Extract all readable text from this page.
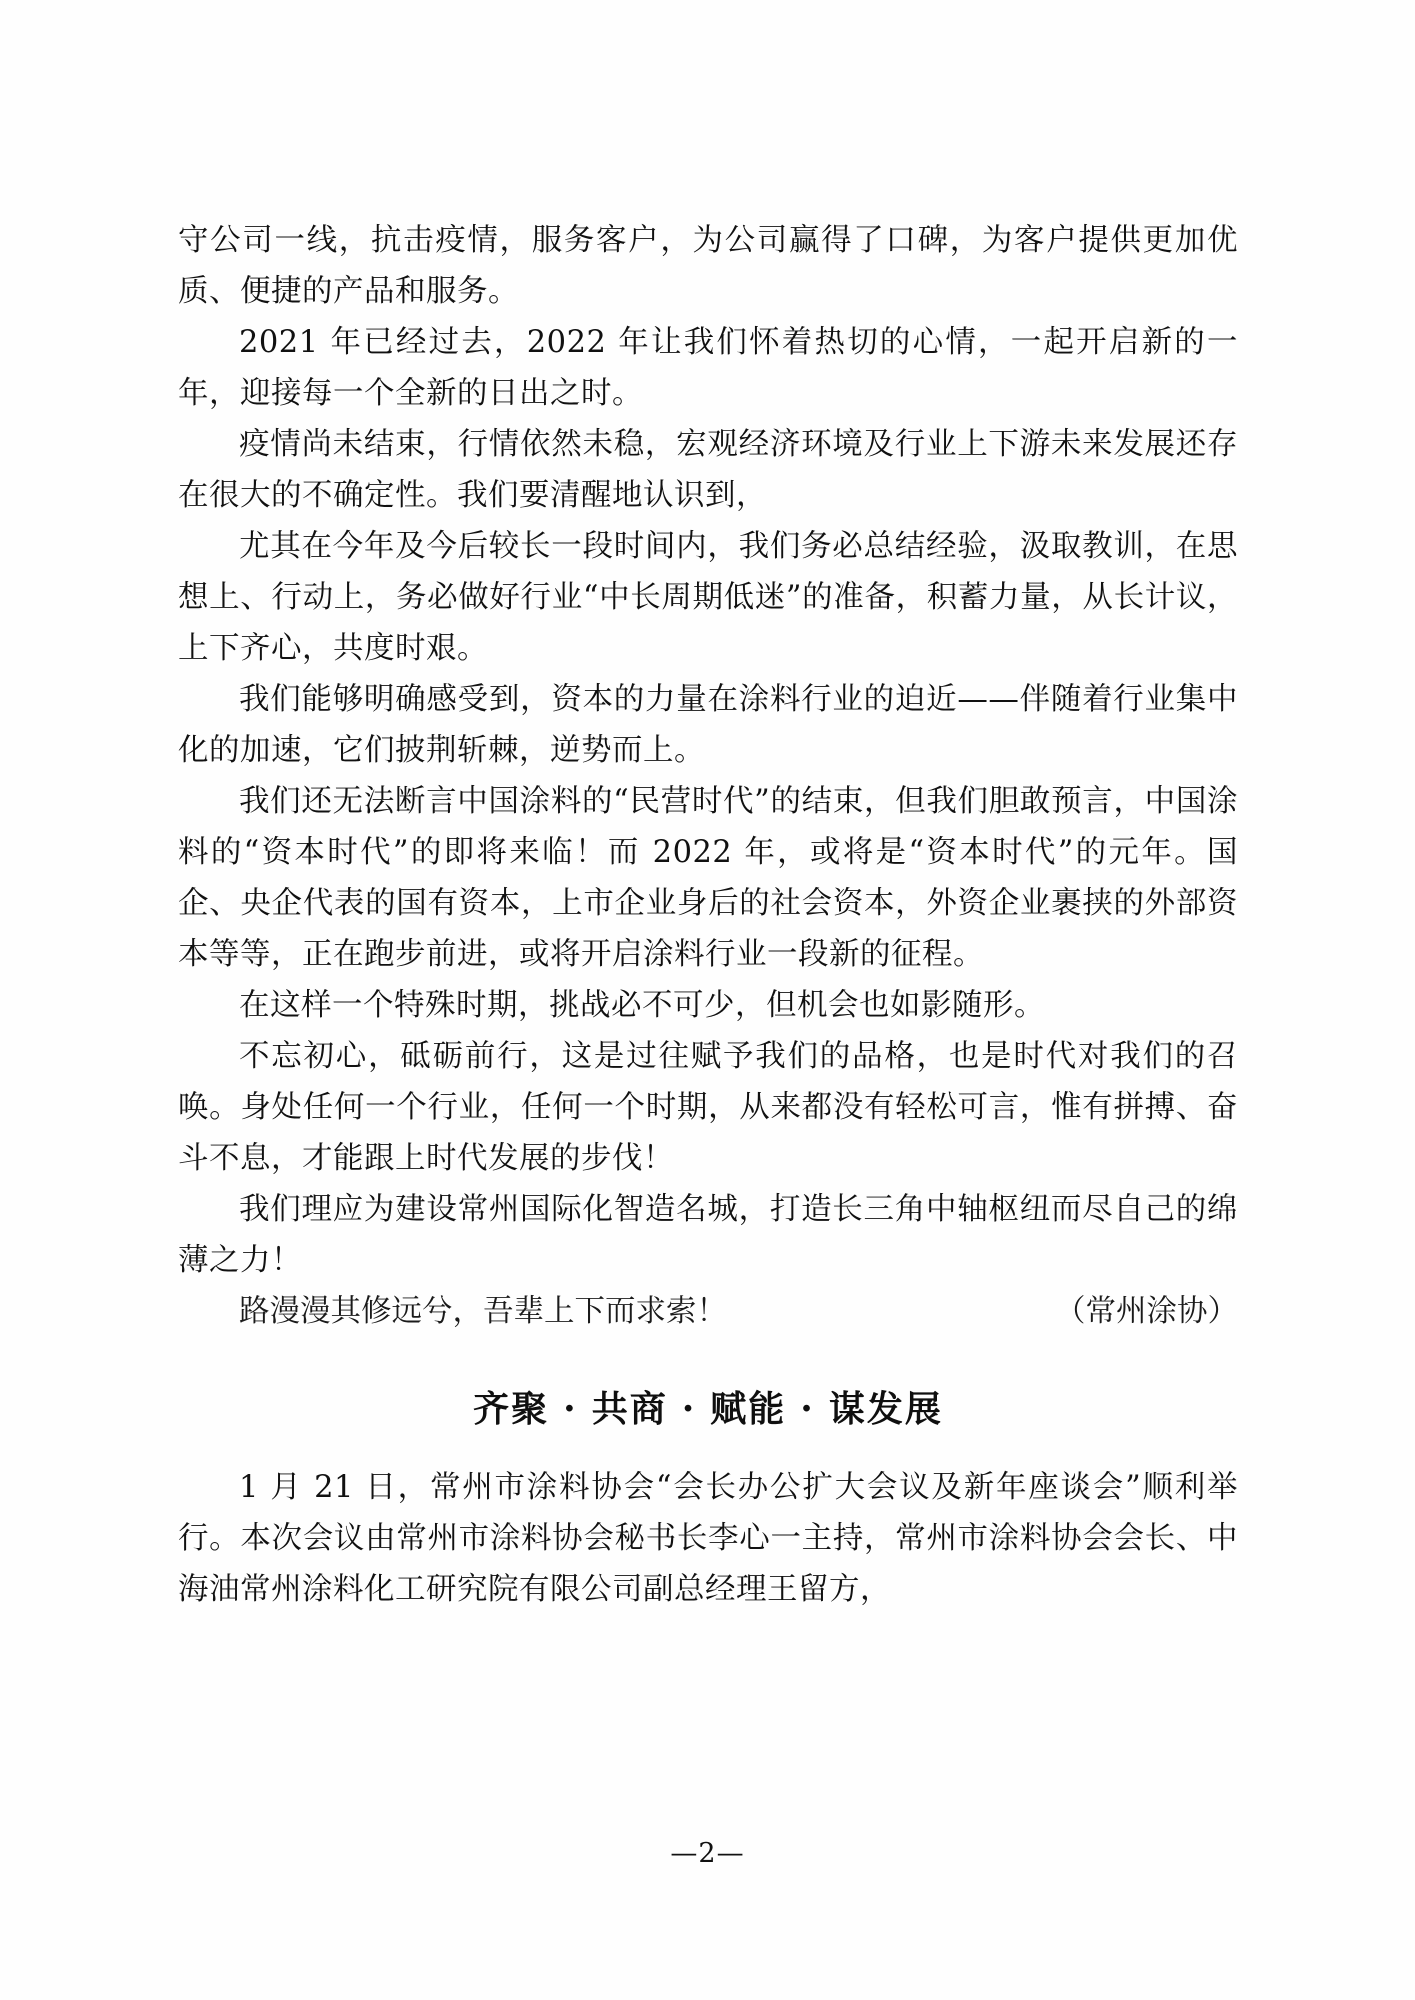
守公司一线，抗击疫情，服务客户，为公司赢得了口碑，为客户提供更加优质、便捷的产品和服务。

2021 年已经过去，2022 年让我们怀着热切的心情，一起开启新的一年，迎接每一个全新的日出之时。

疫情尚未结束，行情依然未稳，宏观经济环境及行业上下游未来发展还存在很大的不确定性。我们要清醒地认识到，

尤其在今年及今后较长一段时间内，我们务必总结经验，汲取教训，在思想上、行动上，务必做好行业“中长周期低迷”的准备，积蓄力量，从长计议，上下齐心，共度时艰。

我们能够明确感受到，资本的力量在涂料行业的迫近——伴随着行业集中化的加速，它们披荆斩棘，逆势而上。

我们还无法断言中国涂料的“民营时代”的结束，但我们胆敢预言，中国涂料的“资本时代”的即将来临！而 2022 年，或将是“资本时代”的元年。国企、央企代表的国有资本，上市企业身后的社会资本，外资企业裹挟的外部资本等等，正在跑步前进，或将开启涂料行业一段新的征程。

在这样一个特殊时期，挑战必不可少，但机会也如影随形。

不忘初心，砥砺前行，这是过往赋予我们的品格，也是时代对我们的召唤。身处任何一个行业，任何一个时期，从来都没有轻松可言，惟有拼搏、奋斗不息，才能跟上时代发展的步伐！

我们理应为建设常州国际化智造名城，打造长三角中轴枢纽而尽自己的绵薄之力！

路漫漫其修远兮，吾辈上下而求索！	（常州涂协）
齐聚 · 共商 · 赋能 · 谋发展

1 月 21 日，常州市涂料协会“会长办公扩大会议及新年座谈会”顺利举行。本次会议由常州市涂料协会秘书长李心一主持，常州市涂料协会会长、中海油常州涂料化工研究院有限公司副总经理王留方，

—2—
